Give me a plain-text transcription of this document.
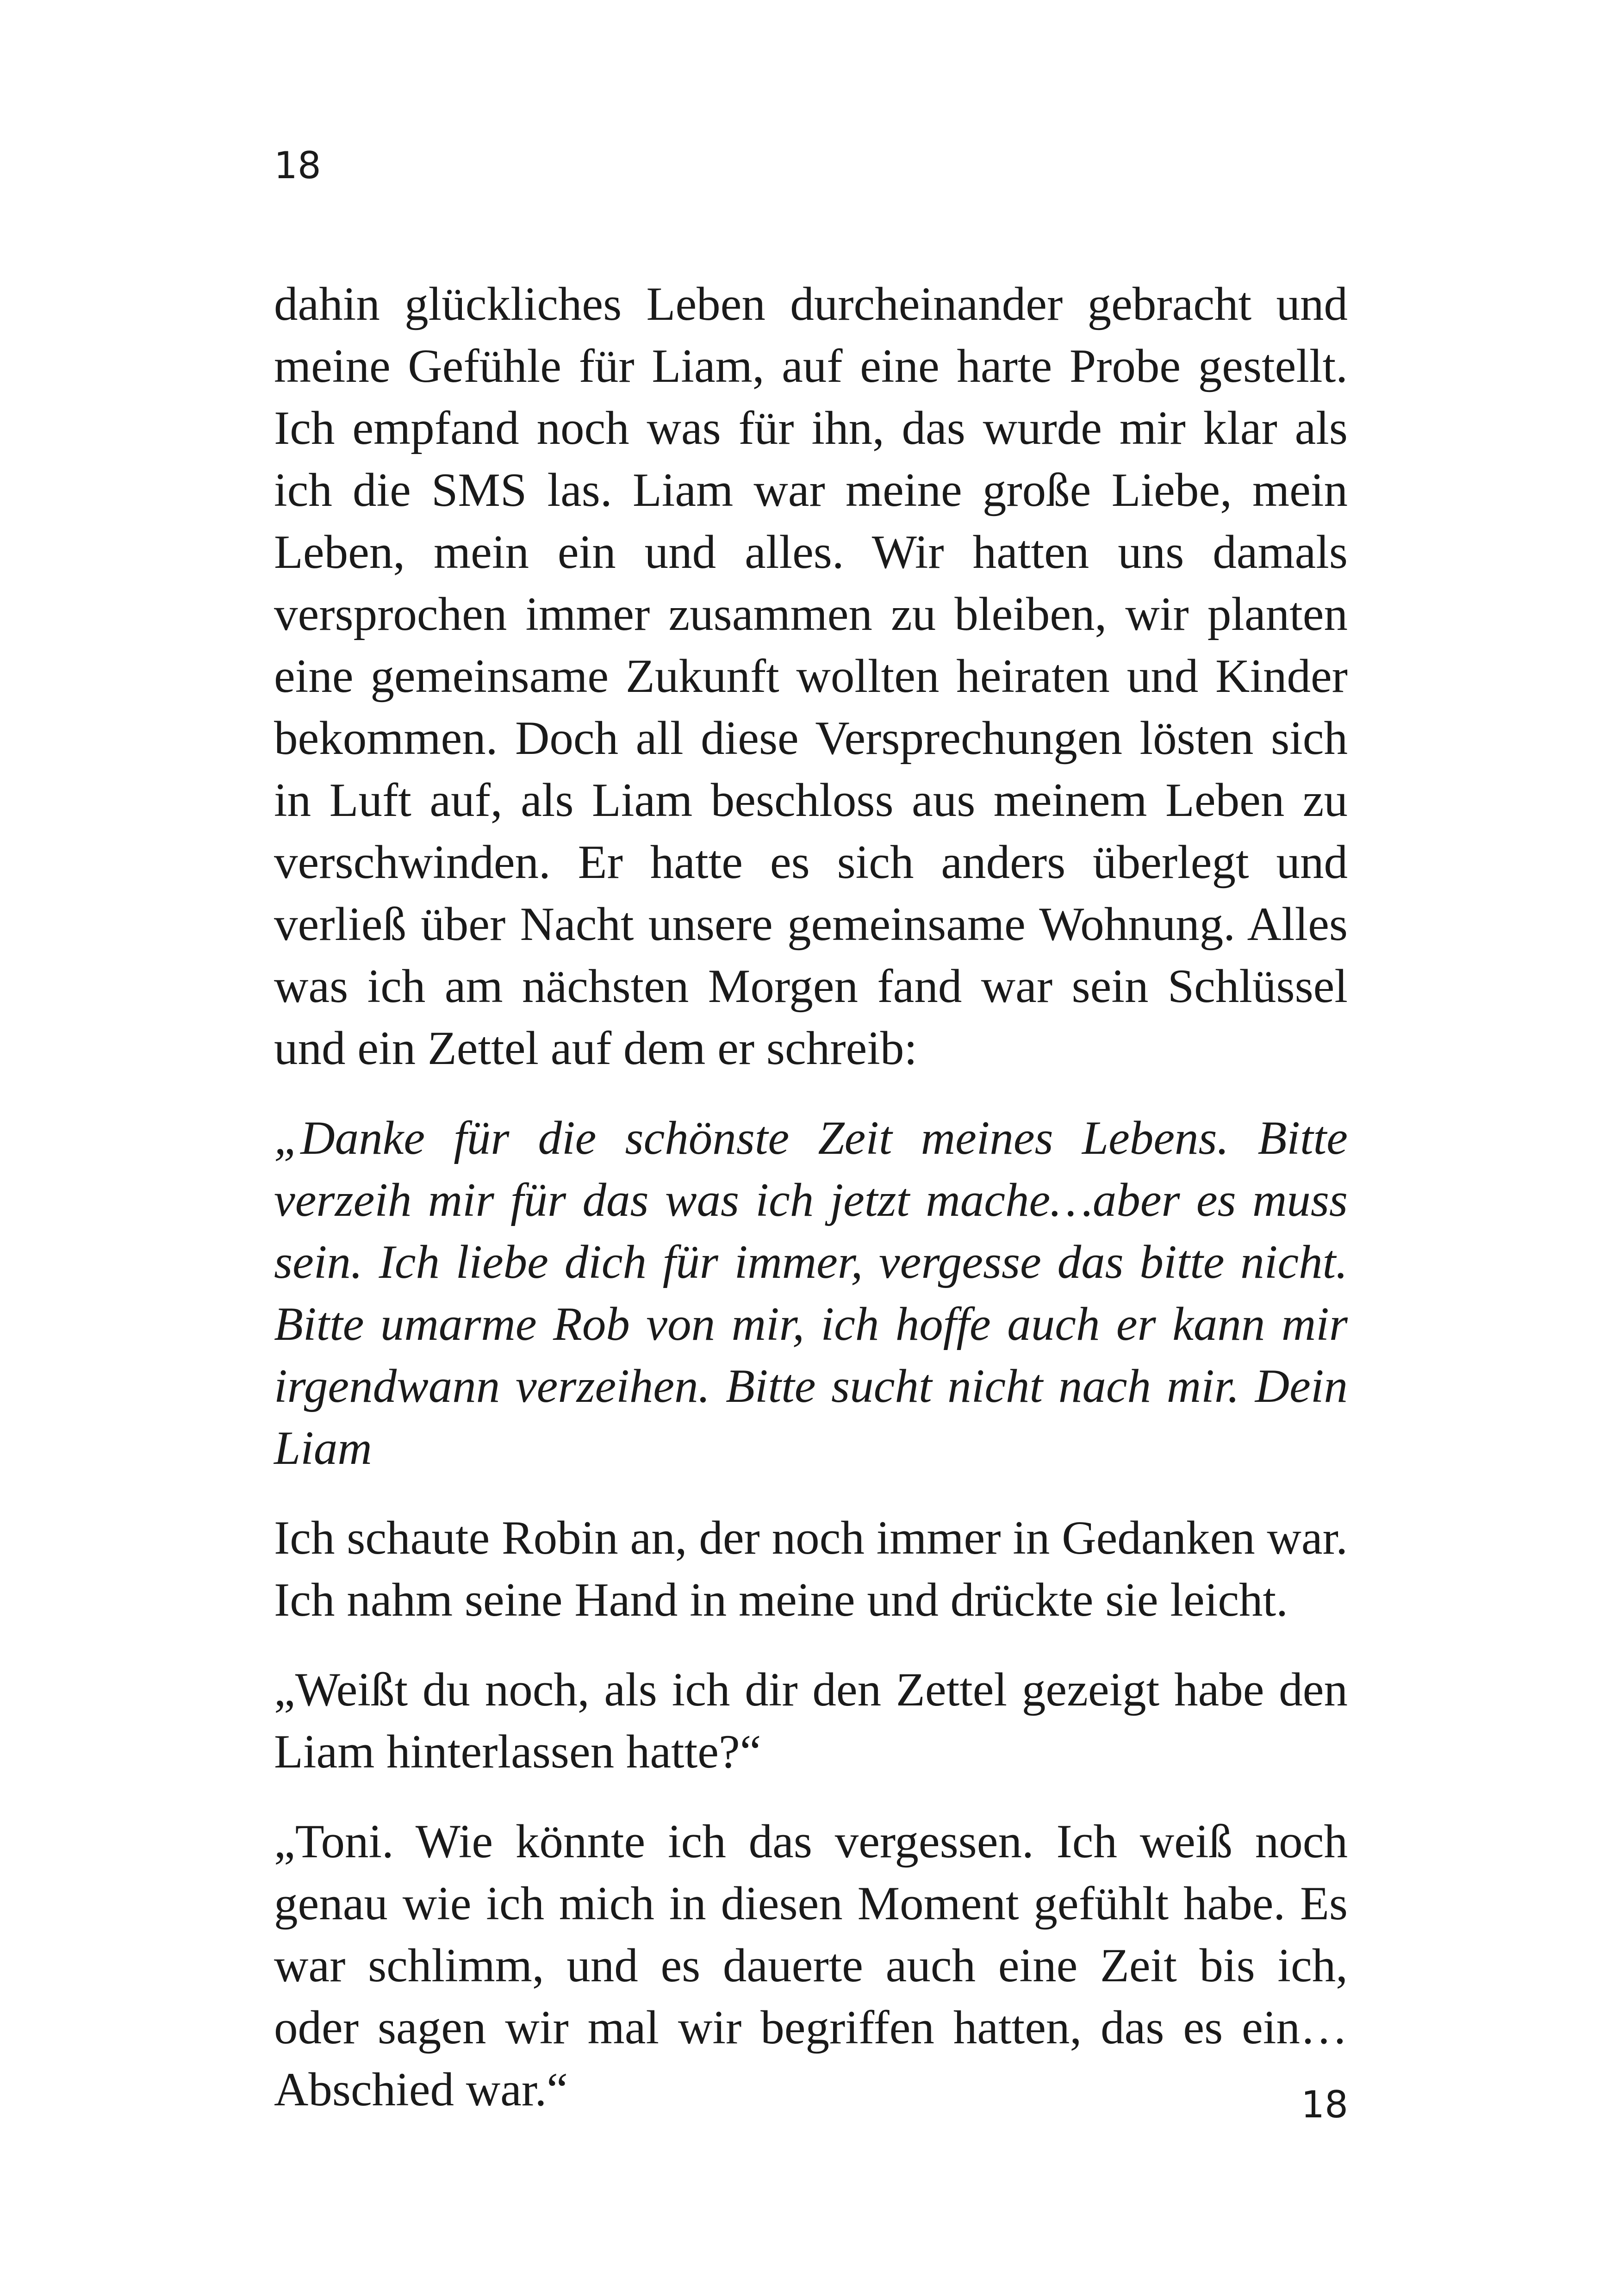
18

dahin glückliches Leben durcheinander gebracht und meine Gefühle für Liam, auf eine harte Probe gestellt. Ich empfand noch was für ihn, das wurde mir klar als ich die SMS las. Liam war meine große Liebe, mein Leben, mein ein und alles. Wir hatten uns damals versprochen immer zusammen zu bleiben, wir planten eine gemeinsame Zukunft wollten heiraten und Kinder bekommen. Doch all diese Versprechungen lösten sich in Luft auf, als Liam beschloss aus meinem Leben zu verschwinden. Er hatte es sich anders überlegt und verließ über Nacht unsere gemeinsame Wohnung. Alles was ich am nächsten Morgen fand war sein Schlüssel und ein Zettel auf dem er schreib:

„Danke für die schönste Zeit meines Lebens. Bitte verzeih mir für das was ich jetzt mache…aber es muss sein. Ich liebe dich für immer, vergesse das bitte nicht. Bitte umarme Rob von mir, ich hoffe auch er kann mir irgendwann verzeihen. Bitte sucht nicht nach mir. Dein Liam

Ich schaute Robin an, der noch immer in Gedanken war. Ich nahm seine Hand in meine und drückte sie leicht.

„Weißt du noch, als ich dir den Zettel gezeigt habe den Liam hinterlassen hatte?“

„Toni. Wie könnte ich das vergessen. Ich weiß noch genau wie ich mich in diesen Moment gefühlt habe. Es war schlimm, und es dauerte auch eine Zeit bis ich, oder sagen wir mal wir begriffen hatten, das es ein…Abschied war.“	18
